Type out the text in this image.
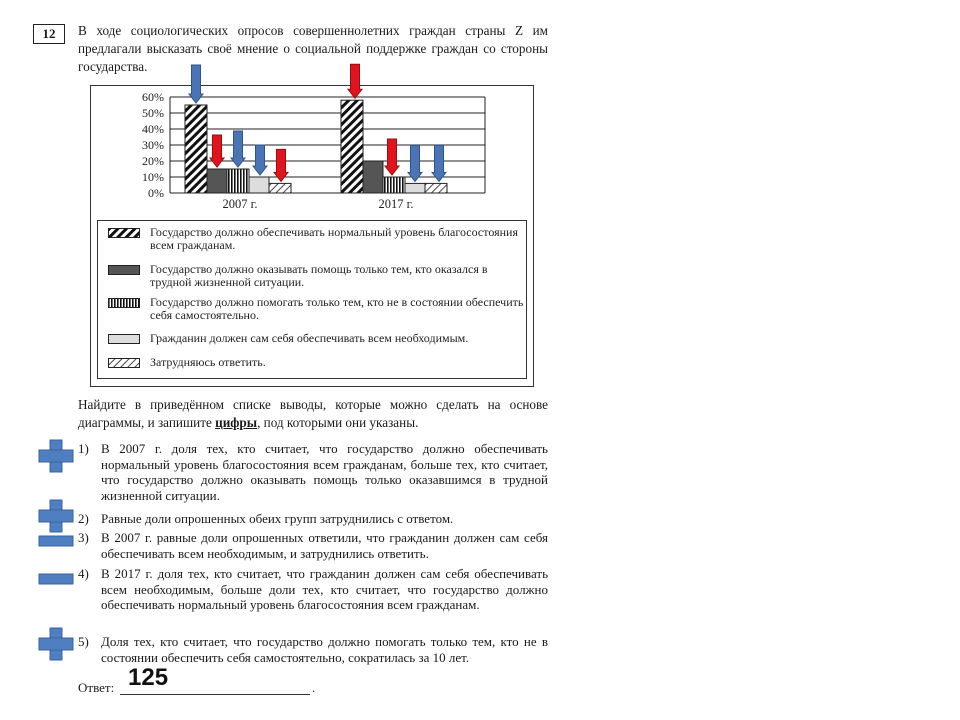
12	В ходе социологических опросов совершеннолетних граждан страны Z им предлагали высказать своё мнение о социальной поддержке граждан со стороны государства.
60%
50%
40%
30%
20%
10%
0%
2007 г.	2017 г.
Государство должно обеспечивать нормальный уровень благосостояния всем гражданам.
Государство должно оказывать помощь только тем, кто оказался в трудной жизненной ситуации.
Государство должно помогать только тем, кто не в состоянии обеспечить себя самостоятельно.
Гражданин должен сам себя обеспечивать всем необходимым.
Затрудняюсь ответить.
Найдите в приведённом списке выводы, которые можно сделать на основе диаграммы, и запишите цифры, под которыми они указаны.
1) В 2007 г. доля тех, кто считает, что государство должно обеспечивать нормальный уровень благосостояния всем гражданам, больше тех, кто считает, что государство должно оказывать помощь только оказавшимся в трудной жизненной ситуации.
2) Равные доли опрошенных обеих групп затруднились с ответом.
3) В 2007 г. равные доли опрошенных ответили, что гражданин должен сам себя обеспечивать всем необходимым, и затруднились ответить.
4) В 2017 г. доля тех, кто считает, что гражданин должен сам себя обеспечивать всем необходимым, больше доли тех, кто считает, что государство должно обеспечивать нормальный уровень благосостояния всем гражданам.
5) Доля тех, кто считает, что государство должно помогать только тем, кто не в состоянии обеспечить себя самостоятельно, сократилась за 10 лет.
Ответ:	.
125
